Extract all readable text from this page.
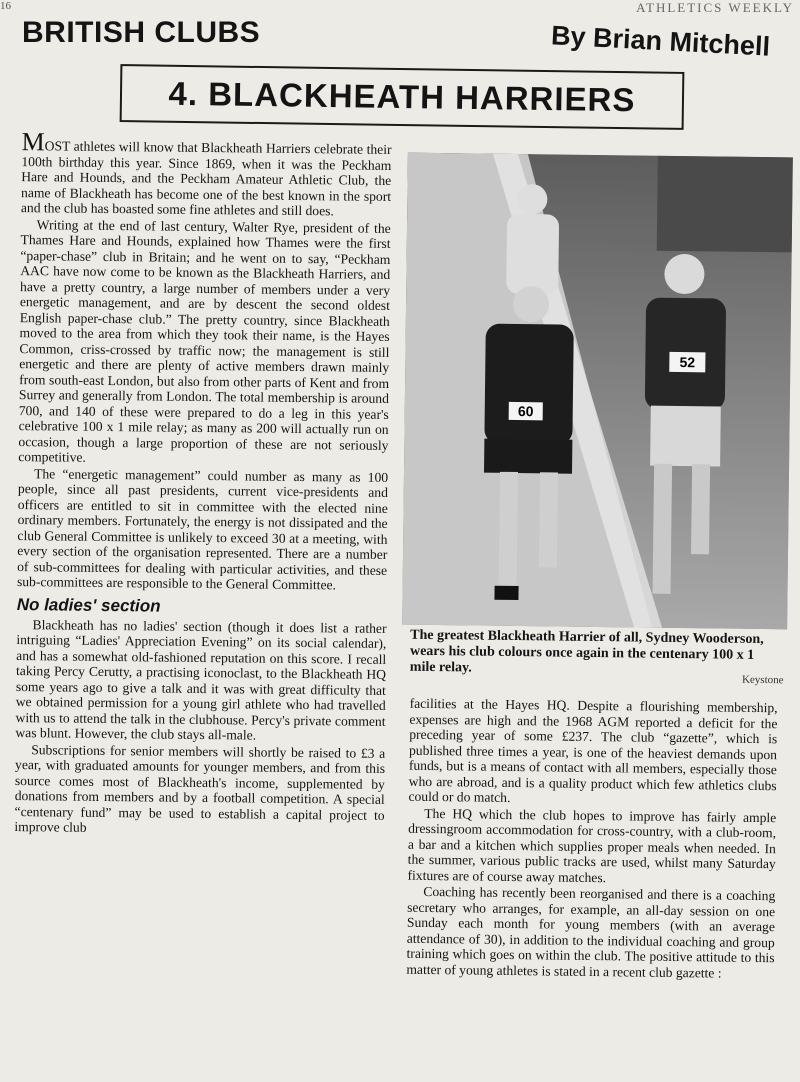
16	ATHLETICS WEEKLY
BRITISH CLUBS	By Brian Mitchell
4. BLACKHEATH HARRIERS

MOST athletes will know that Blackheath Harriers celebrate their 100th birthday this year. Since 1869, when it was the Peckham Hare and Hounds, and the Peckham Amateur Athletic Club, the name of Blackheath has become one of the best known in the sport and the club has boasted some fine athletes and still does.

Writing at the end of last century, Walter Rye, president of the Thames Hare and Hounds, explained how Thames were the first “paper-chase” club in Britain; and he went on to say, “Peckham AAC have now come to be known as the Blackheath Harriers, and have a pretty country, a large number of members under a very energetic management, and are by descent the second oldest English paper-chase club.” The pretty country, since Blackheath moved to the area from which they took their name, is the Hayes Common, criss-crossed by traffic now; the management is still energetic and there are plenty of active members drawn mainly from south-east London, but also from other parts of Kent and from Surrey and generally from London. The total membership is around 700, and 140 of these were prepared to do a leg in this year's celebrative 100 x 1 mile relay; as many as 200 will actually run on occasion, though a large proportion of these are not seriously competitive.

The “energetic management” could number as many as 100 people, since all past presidents, current vice-presidents and officers are entitled to sit in committee with the elected nine ordinary members. Fortunately, the energy is not dissipated and the club General Committee is unlikely to exceed 30 at a meeting, with every section of the organisation represented. There are a number of sub-committees for dealing with particular activities, and these sub-committees are responsible to the General Committee.

No ladies' section

Blackheath has no ladies' section (though it does list a rather intriguing “Ladies' Appreciation Evening” on its social calendar), and has a somewhat old-fashioned reputation on this score. I recall taking Percy Cerutty, a practising iconoclast, to the Blackheath HQ some years ago to give a talk and it was with great difficulty that we obtained permission for a young girl athlete who had travelled with us to attend the talk in the clubhouse. Percy's private comment was blunt. However, the club stays all-male.

Subscriptions for senior members will shortly be raised to £3 a year, with graduated amounts for younger members, and from this source comes most of Blackheath's income, supplemented by donations from members and by a football competition. A special “centenary fund” may be used to establish a capital project to improve club

60
52
The greatest Blackheath Harrier of all, Sydney Wooderson, wears his club colours once again in the centenary 100 x 1 mile relay.
Keystone

facilities at the Hayes HQ. Despite a flourishing membership, expenses are high and the 1968 AGM reported a deficit for the preceding year of some £237. The club “gazette”, which is published three times a year, is one of the heaviest demands upon funds, but is a means of contact with all members, especially those who are abroad, and is a quality product which few athletics clubs could or do match.

The HQ which the club hopes to improve has fairly ample dressingroom accommodation for cross-country, with a club-room, a bar and a kitchen which supplies proper meals when needed. In the summer, various public tracks are used, whilst many Saturday fixtures are of course away matches.

Coaching has recently been reorganised and there is a coaching secretary who arranges, for example, an all-day session on one Sunday each month for young members (with an average attendance of 30), in addition to the individual coaching and group training which goes on within the club. The positive attitude to this matter of young athletes is stated in a recent club gazette :
